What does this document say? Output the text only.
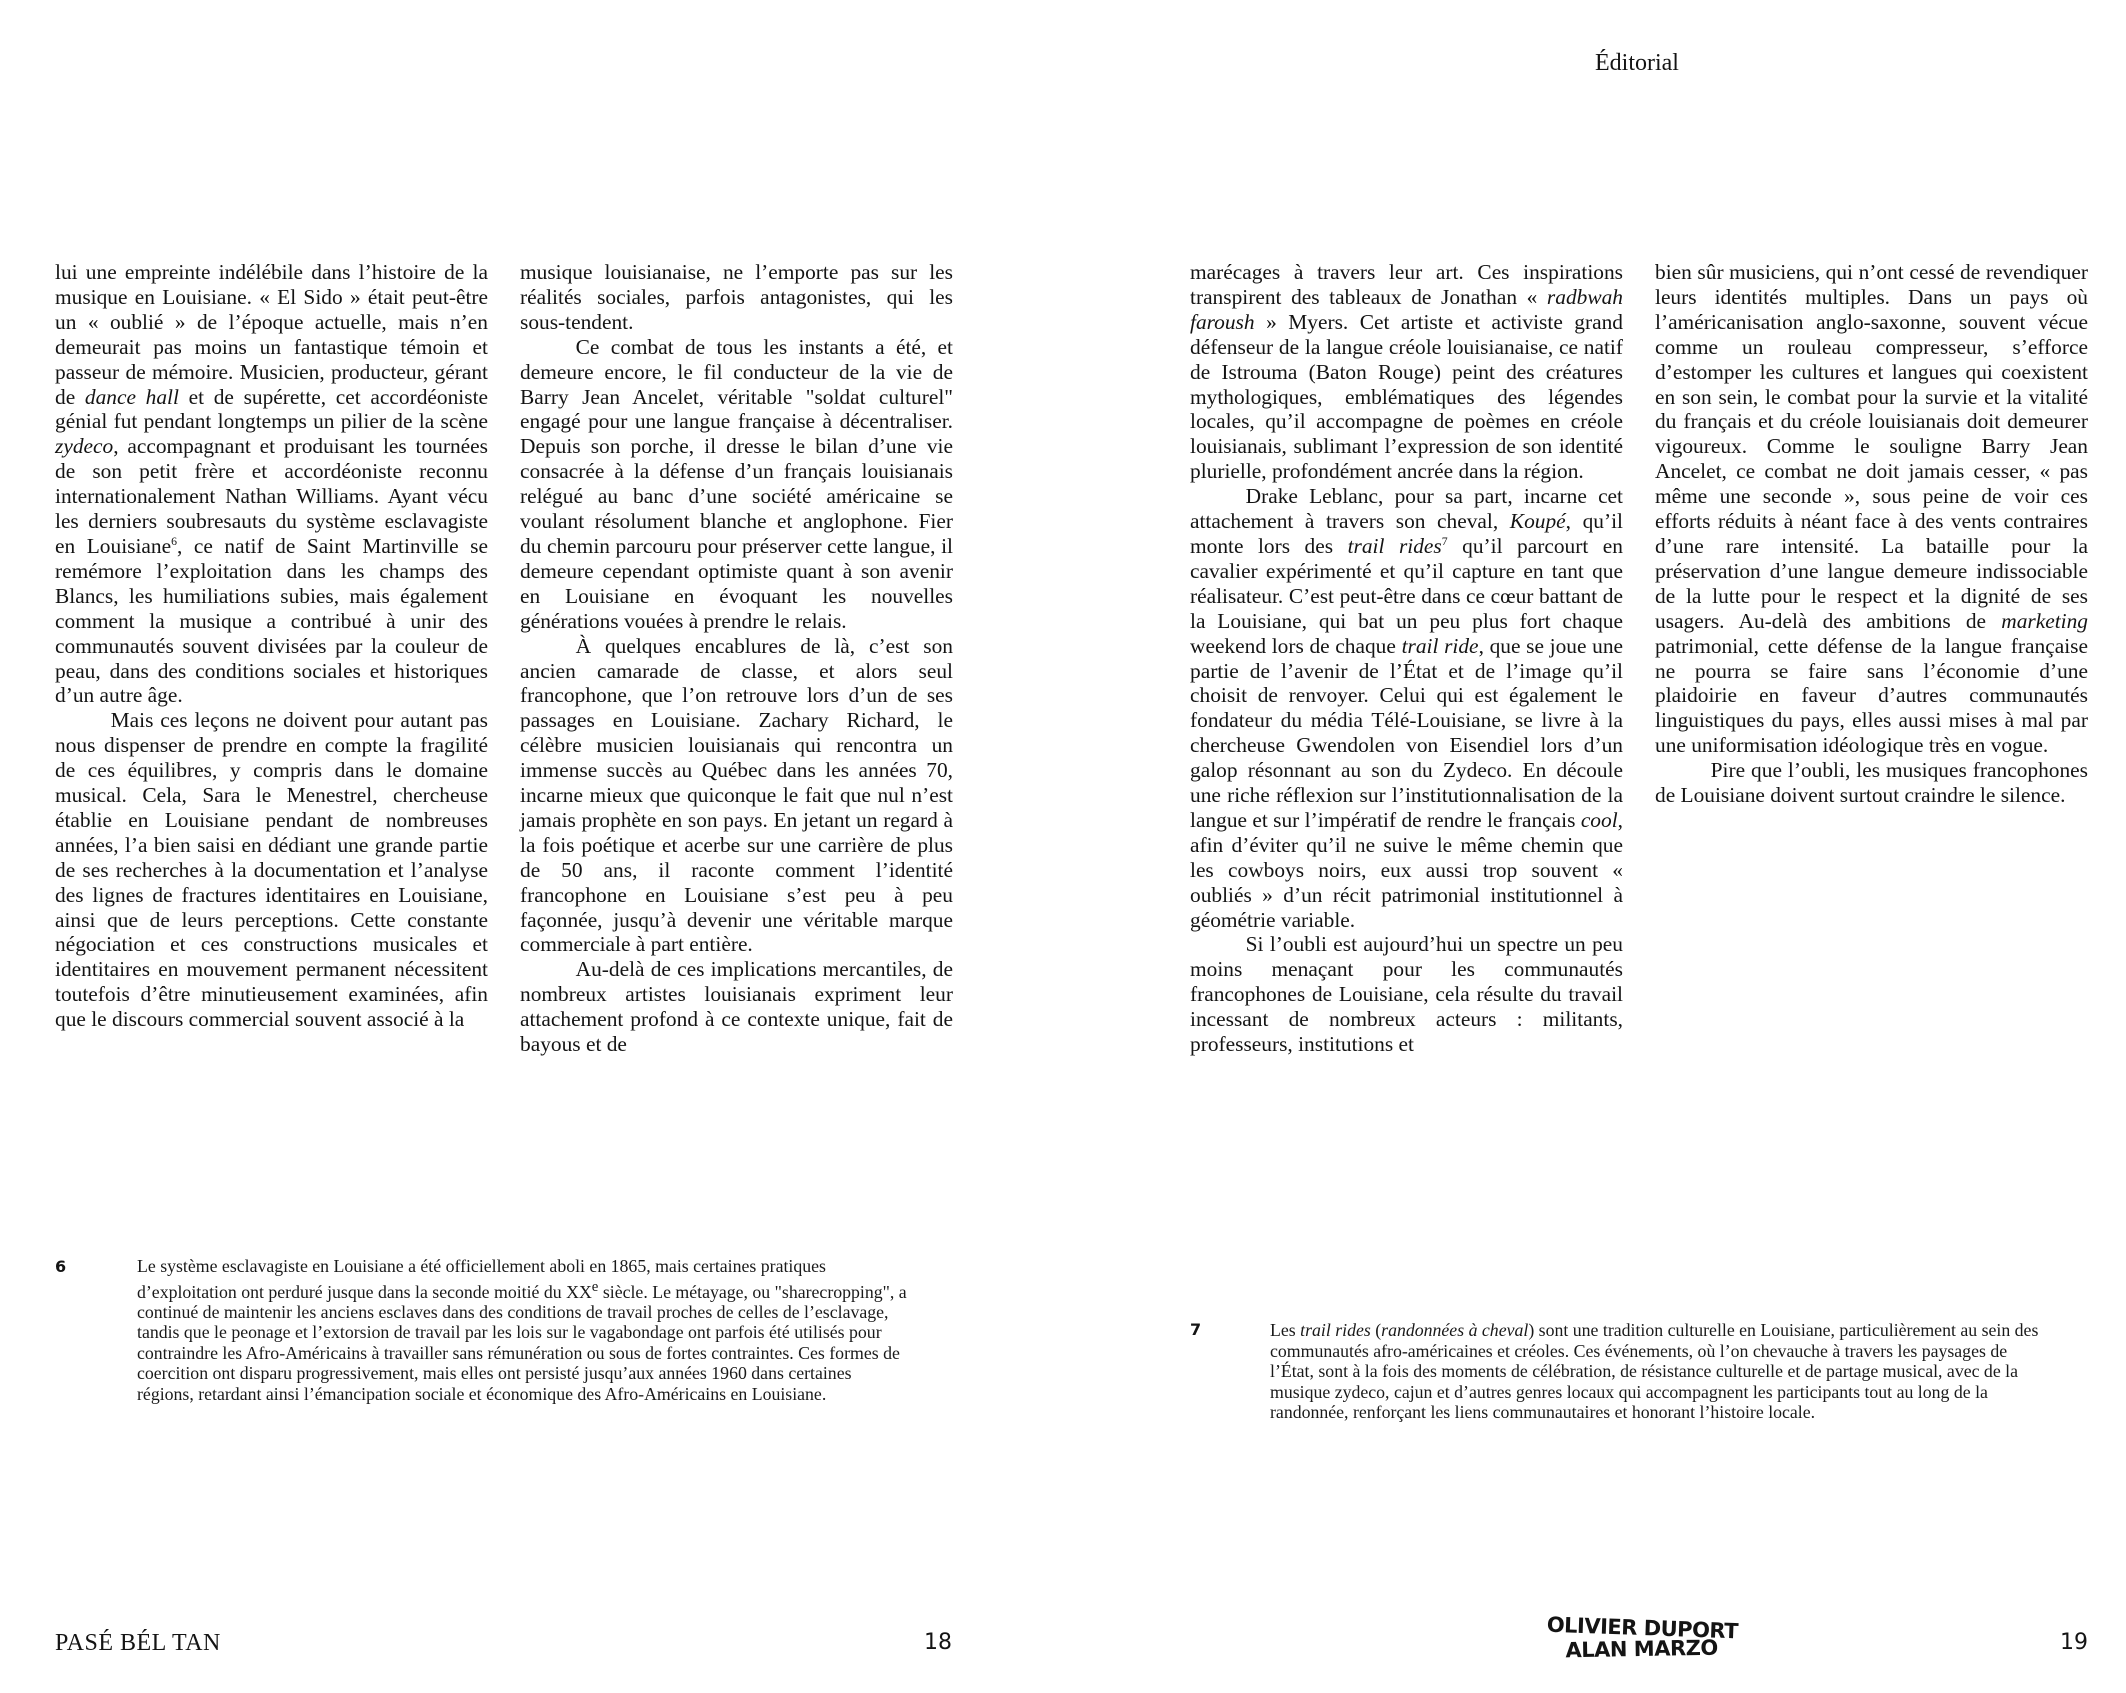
Éditorial

lui une empreinte indélébile dans l’histoire de la musique en Louisiane. « El Sido » était peut-être un « oublié » de l’époque actuelle, mais n’en demeurait pas moins un fantastique témoin et passeur de mémoire. Musicien, producteur, gérant de dance hall et de supérette, cet accordéoniste génial fut pendant longtemps un pilier de la scène zydeco, accompagnant et produisant les tournées de son petit frère et accordéoniste reconnu internationalement Nathan Williams. Ayant vécu les derniers soubresauts du système esclavagiste en Louisiane$^6$, ce natif de Saint Martinville se remémore l’exploitation dans les champs des Blancs, les humiliations subies, mais également comment la musique a contribué à unir des communautés souvent divisées par la couleur de peau, dans des conditions sociales et historiques d’un autre âge.

Mais ces leçons ne doivent pour autant pas nous dispenser de prendre en compte la fragilité de ces équilibres, y compris dans le domaine musical. Cela, Sara le Menestrel, chercheuse établie en Louisiane pendant de nombreuses années, l’a bien saisi en dédiant une grande partie de ses recherches à la documentation et l’analyse des lignes de fractures identitaires en Louisiane, ainsi que de leurs perceptions. Cette constante négociation et ces constructions musicales et identitaires en mouvement permanent nécessitent toutefois d’être minutieusement examinées, afin que le discours commercial souvent associé à la

musique louisianaise, ne l’emporte pas sur les réalités sociales, parfois antagonistes, qui les sous-tendent.

Ce combat de tous les instants a été, et demeure encore, le fil conducteur de la vie de Barry Jean Ancelet, véritable "soldat culturel" engagé pour une langue française à décentraliser. Depuis son porche, il dresse le bilan d’une vie consacrée à la défense d’un français louisianais relégué au banc d’une société américaine se voulant résolument blanche et anglophone. Fier du chemin parcouru pour préserver cette langue, il demeure cependant optimiste quant à son avenir en Louisiane en évoquant les nouvelles générations vouées à prendre le relais.

À quelques encablures de là, c’est son ancien camarade de classe, et alors seul francophone, que l’on retrouve lors d’un de ses passages en Louisiane. Zachary Richard, le célèbre musicien louisianais qui rencontra un immense succès au Québec dans les années 70, incarne mieux que quiconque le fait que nul n’est jamais prophète en son pays. En jetant un regard à la fois poétique et acerbe sur une carrière de plus de 50 ans, il raconte comment l’identité francophone en Louisiane s’est peu à peu façonnée, jusqu’à devenir une véritable marque commerciale à part entière.

Au-delà de ces implications mercantiles, de nombreux artistes louisianais expriment leur attachement profond à ce contexte unique, fait de bayous et de

marécages à travers leur art. Ces inspirations transpirent des tableaux de Jonathan « radbwah faroush » Myers. Cet artiste et activiste grand défenseur de la langue créole louisianaise, ce natif de Istrouma (Baton Rouge) peint des créatures mythologiques, emblématiques des légendes locales, qu’il accompagne de poèmes en créole louisianais, sublimant l’expression de son identité plurielle, profondément ancrée dans la région.

Drake Leblanc, pour sa part, incarne cet attachement à travers son cheval, Koupé, qu’il monte lors des trail rides$^7$ qu’il parcourt en cavalier expérimenté et qu’il capture en tant que réalisateur. C’est peut-être dans ce cœur battant de la Louisiane, qui bat un peu plus fort chaque weekend lors de chaque trail ride, que se joue une partie de l’avenir de l’État et de l’image qu’il choisit de renvoyer. Celui qui est également le fondateur du média Télé-Louisiane, se livre à la chercheuse Gwendolen von Eisendiel lors d’un galop résonnant au son du Zydeco. En découle une riche réflexion sur l’institutionnalisation de la langue et sur l’impératif de rendre le français cool, afin d’éviter qu’il ne suive le même chemin que les cowboys noirs, eux aussi trop souvent « oubliés » d’un récit patrimonial institutionnel à géométrie variable.

Si l’oubli est aujourd’hui un spectre un peu moins menaçant pour les communautés francophones de Louisiane, cela résulte du travail incessant de nombreux acteurs : militants, professeurs, institutions et

bien sûr musiciens, qui n’ont cessé de revendiquer leurs identités multiples. Dans un pays où l’américanisation anglo-saxonne, souvent vécue comme un rouleau compresseur, s’efforce d’estomper les cultures et langues qui coexistent en son sein, le combat pour la survie et la vitalité du français et du créole louisianais doit demeurer vigoureux. Comme le souligne Barry Jean Ancelet, ce combat ne doit jamais cesser, « pas même une seconde », sous peine de voir ces efforts réduits à néant face à des vents contraires d’une rare intensité. La bataille pour la préservation d’une langue demeure indissociable de la lutte pour le respect et la dignité de ses usagers. Au-delà des ambitions de marketing patrimonial, cette défense de la langue française ne pourra se faire sans l’économie d’une plaidoirie en faveur d’autres communautés linguistiques du pays, elles aussi mises à mal par une uniformisation idéologique très en vogue.

Pire que l’oubli, les musiques francophones de Louisiane doivent surtout craindre le silence.

6	Le système esclavagiste en Louisiane a été officiellement aboli en 1865, mais certaines pratiques d’exploitation ont perduré jusque dans la seconde moitié du XXe siècle. Le métayage, ou "sharecropping", a continué de maintenir les anciens esclaves dans des conditions de travail proches de celles de l’esclavage, tandis que le peonage et l’extorsion de travail par les lois sur le vagabondage ont parfois été utilisés pour contraindre les Afro-Américains à travailler sans rémunération ou sous de fortes contraintes. Ces formes de coercition ont disparu progressivement, mais elles ont persisté jusqu’aux années 1960 dans certaines régions, retardant ainsi l’émancipation sociale et économique des Afro-Américains en Louisiane.
7	Les trail rides (randonnées à cheval) sont une tradition culturelle en Louisiane, particulièrement au sein des communautés afro-américaines et créoles. Ces événements, où l’on chevauche à travers les paysages de l’État, sont à la fois des moments de célébration, de résistance culturelle et de partage musical, avec de la musique zydeco, cajun et d’autres genres locaux qui accompagnent les participants tout au long de la randonnée, renforçant les liens communautaires et honorant l’histoire locale.
PASÉ BÉL TAN	18	OLIVIER DUPORT
ALAN MARZO	19
